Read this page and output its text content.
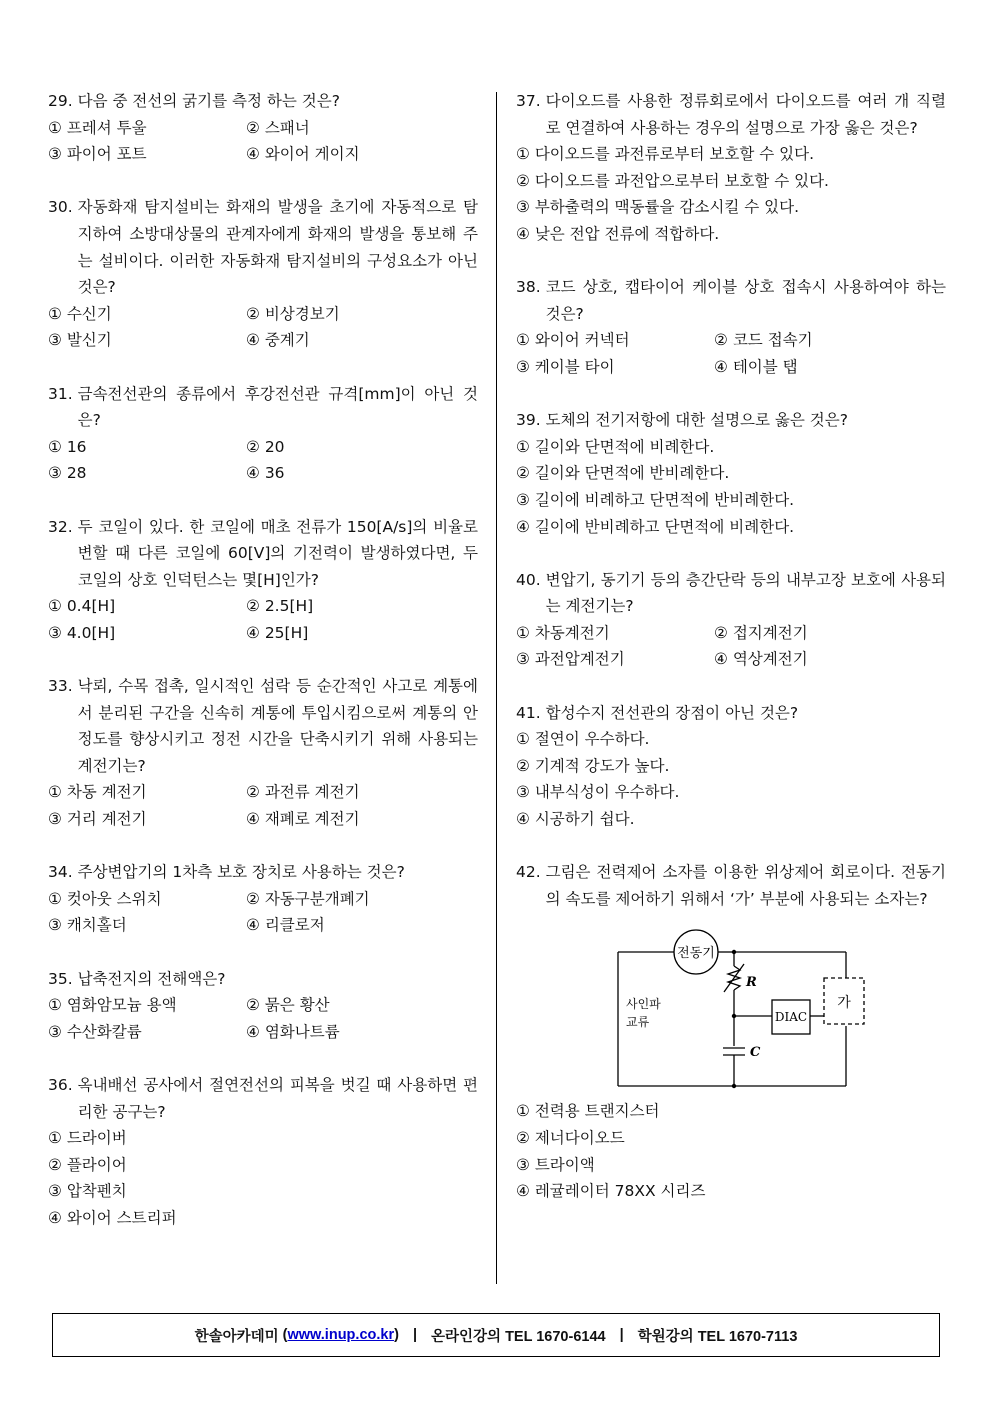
29.
다음 중 전선의 굵기를 측정 하는 것은?
① 프레셔 투울	② 스패너
③ 파이어 포트	④ 와이어 게이지
30.
자동화재 탐지설비는 화재의 발생을 초기에 자동적으로 탐지하여 소방대상물의 관계자에게 화재의 발생을 통보해 주는 설비이다. 이러한 자동화재 탐지설비의 구성요소가 아닌 것은?
① 수신기	② 비상경보기
③ 발신기	④ 중계기
31.
금속전선관의 종류에서 후강전선관 규격[mm]이 아닌 것은?
① 16	② 20
③ 28	④ 36
32.
두 코일이 있다. 한 코일에 매초 전류가 150[A/s]의 비율로 변할 때 다른 코일에 60[V]의 기전력이 발생하였다면, 두 코일의 상호 인덕턴스는 몇[H]인가?
① 0.4[H]	② 2.5[H]
③ 4.0[H]	④ 25[H]
33.
낙뢰, 수목 접촉, 일시적인 섬락 등 순간적인 사고로 계통에서 분리된 구간을 신속히 계통에 투입시킴으로써 계통의 안정도를 향상시키고 정전 시간을 단축시키기 위해 사용되는 계전기는?
① 차동 계전기	② 과전류 계전기
③ 거리 계전기	④ 재폐로 계전기
34.
주상변압기의 1차측 보호 장치로 사용하는 것은?
① 컷아웃 스위치	② 자동구분개폐기
③ 캐치홀더	④ 리클로저
35.
납축전지의 전해액은?
① 염화암모늄 용액	② 묽은 황산
③ 수산화칼륨	④ 염화나트륨
36.
옥내배선 공사에서 절연전선의 피복을 벗길 때 사용하면 편리한 공구는?
① 드라이버
② 플라이어
③ 압착펜치
④ 와이어 스트리퍼
37.
다이오드를 사용한 정류회로에서 다이오드를 여러 개 직렬로 연결하여 사용하는 경우의 설명으로 가장 옳은 것은?
① 다이오드를 과전류로부터 보호할 수 있다.
② 다이오드를 과전압으로부터 보호할 수 있다.
③ 부하출력의 맥동률을 감소시킬 수 있다.
④ 낮은 전압 전류에 적합하다.
38.
코드 상호, 캡타이어 케이블 상호 접속시 사용하여야 하는 것은?
① 와이어 커넥터	② 코드 접속기
③ 케이블 타이	④ 테이블 탭
39.
도체의 전기저항에 대한 설명으로 옳은 것은?
① 길이와 단면적에 비례한다.
② 길이와 단면적에 반비례한다.
③ 길이에 비례하고 단면적에 반비례한다.
④ 길이에 반비례하고 단면적에 비례한다.
40.
변압기, 동기기 등의 층간단락 등의 내부고장 보호에 사용되는 계전기는?
① 차동계전기	② 접지계전기
③ 과전압계전기	④ 역상계전기
41.
합성수지 전선관의 장점이 아닌 것은?
① 절연이 우수하다.
② 기계적 강도가 높다.
③ 내부식성이 우수하다.
④ 시공하기 쉽다.
42.
그림은 전력제어 소자를 이용한 위상제어 회로이다. 전동기의 속도를 제어하기 위해서 ‘가’ 부분에 사용되는 소자는?
전동기
사인파
교류
R
C
DIAC
가
① 전력용 트랜지스터
② 제너다이오드
③ 트라이액
④ 레귤레이터 78XX 시리즈
한솔아카데미 (www.inup.co.kr) | 온라인강의 TEL 1670-6144 | 학원강의 TEL 1670-7113
